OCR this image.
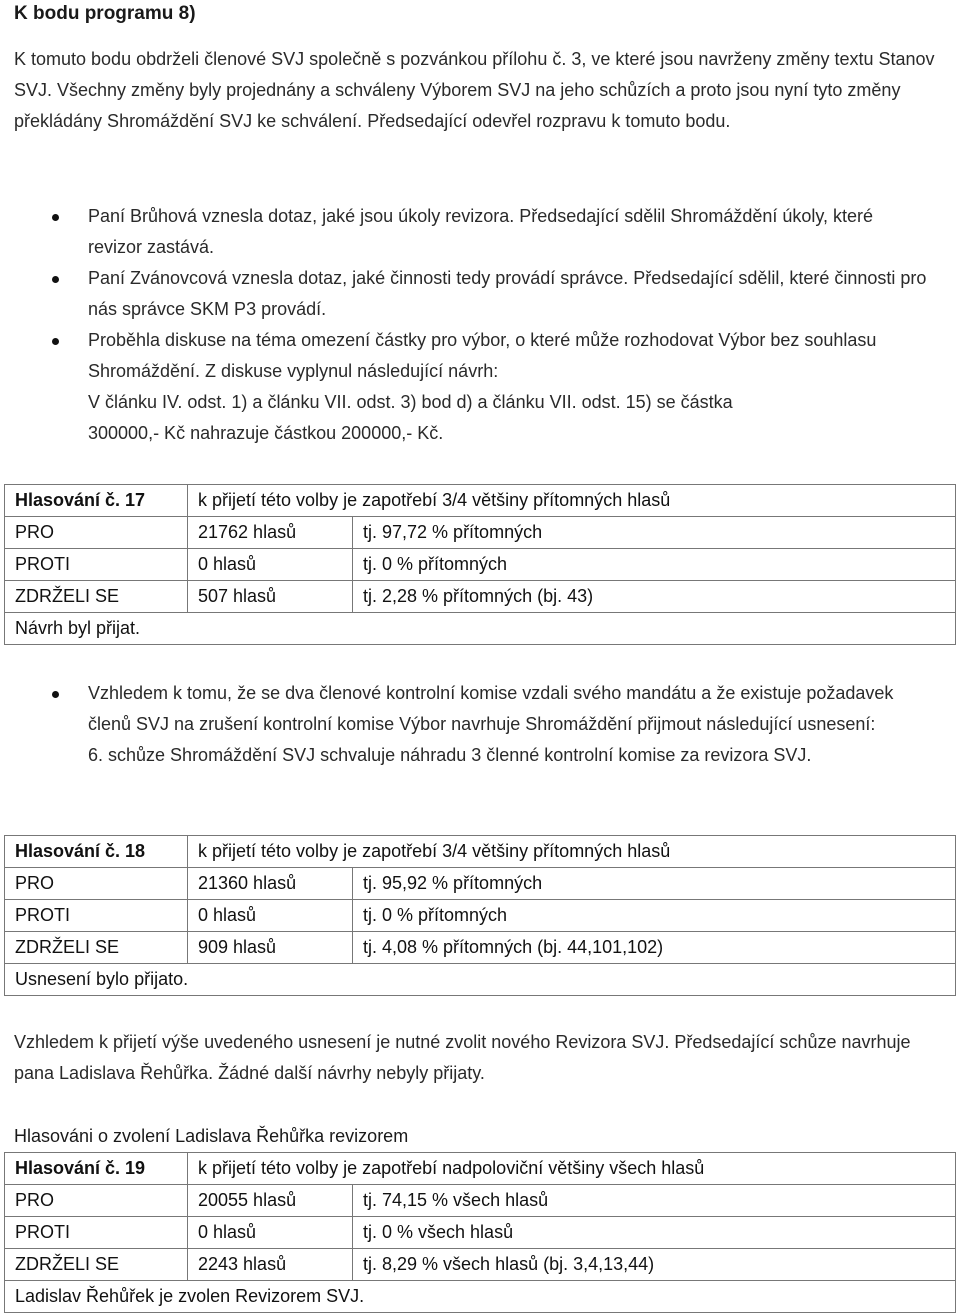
K bodu programu 8)
K tomuto bodu obdrželi členové SVJ společně s pozvánkou přílohu č. 3, ve které jsou navrženy změny textu Stanov SVJ. Všechny změny byly projednány a schváleny Výborem SVJ na jeho schůzích a proto jsou nyní tyto změny překládány Shromáždění SVJ ke schválení. Předsedající odevřel rozpravu k tomuto bodu.
Paní Brůhová vznesla dotaz, jaké jsou úkoly revizora. Předsedající sdělil Shromáždění úkoly, které revizor zastává.
Paní Zvánovcová vznesla dotaz, jaké činnosti tedy provádí správce. Předsedající sdělil, které činnosti pro nás správce SKM P3 provádí.
Proběhla diskuse na téma omezení částky pro výbor, o které může rozhodovat Výbor bez souhlasu Shromáždění. Z diskuse vyplynul následující návrh:
V článku IV. odst. 1) a článku VII. odst. 3) bod d) a článku VII. odst. 15) se částka
300000,- Kč nahrazuje částkou 200000,- Kč.
Hlasování č. 17	k přijetí této volby je zapotřebí 3/4 většiny přítomných hlasů	
PRO	21762 hlasů	tj. 97,72 % přítomných
PROTI	0 hlasů	tj. 0 % přítomných
ZDRŽELI SE	507 hlasů	tj. 2,28 % přítomných (bj. 43)
Návrh byl přijat.		
Vzhledem k tomu, že se dva členové kontrolní komise vzdali svého mandátu a že existuje požadavek členů SVJ na zrušení kontrolní komise Výbor navrhuje Shromáždění přijmout následující usnesení:
6. schůze Shromáždění SVJ schvaluje náhradu 3 členné kontrolní komise za revizora SVJ.
Hlasování č. 18	k přijetí této volby je zapotřebí 3/4 většiny přítomných hlasů	
PRO	21360 hlasů	tj. 95,92 % přítomných
PROTI	0 hlasů	tj. 0 % přítomných
ZDRŽELI SE	909 hlasů	tj. 4,08 % přítomných (bj. 44,101,102)
Usnesení bylo přijato.		
Vzhledem k přijetí výše uvedeného usnesení je nutné zvolit nového Revizora SVJ. Předsedající schůze navrhuje pana Ladislava Řehůřka. Žádné další návrhy nebyly přijaty.
Hlasováni o zvolení Ladislava Řehůřka revizorem
Hlasování č. 19	k přijetí této volby je zapotřebí nadpoloviční většiny všech hlasů	
PRO	20055 hlasů	tj. 74,15 % všech hlasů
PROTI	0 hlasů	tj. 0 % všech hlasů
ZDRŽELI SE	2243 hlasů	tj. 8,29 % všech hlasů (bj. 3,4,13,44)
Ladislav Řehůřek je zvolen Revizorem SVJ.		
